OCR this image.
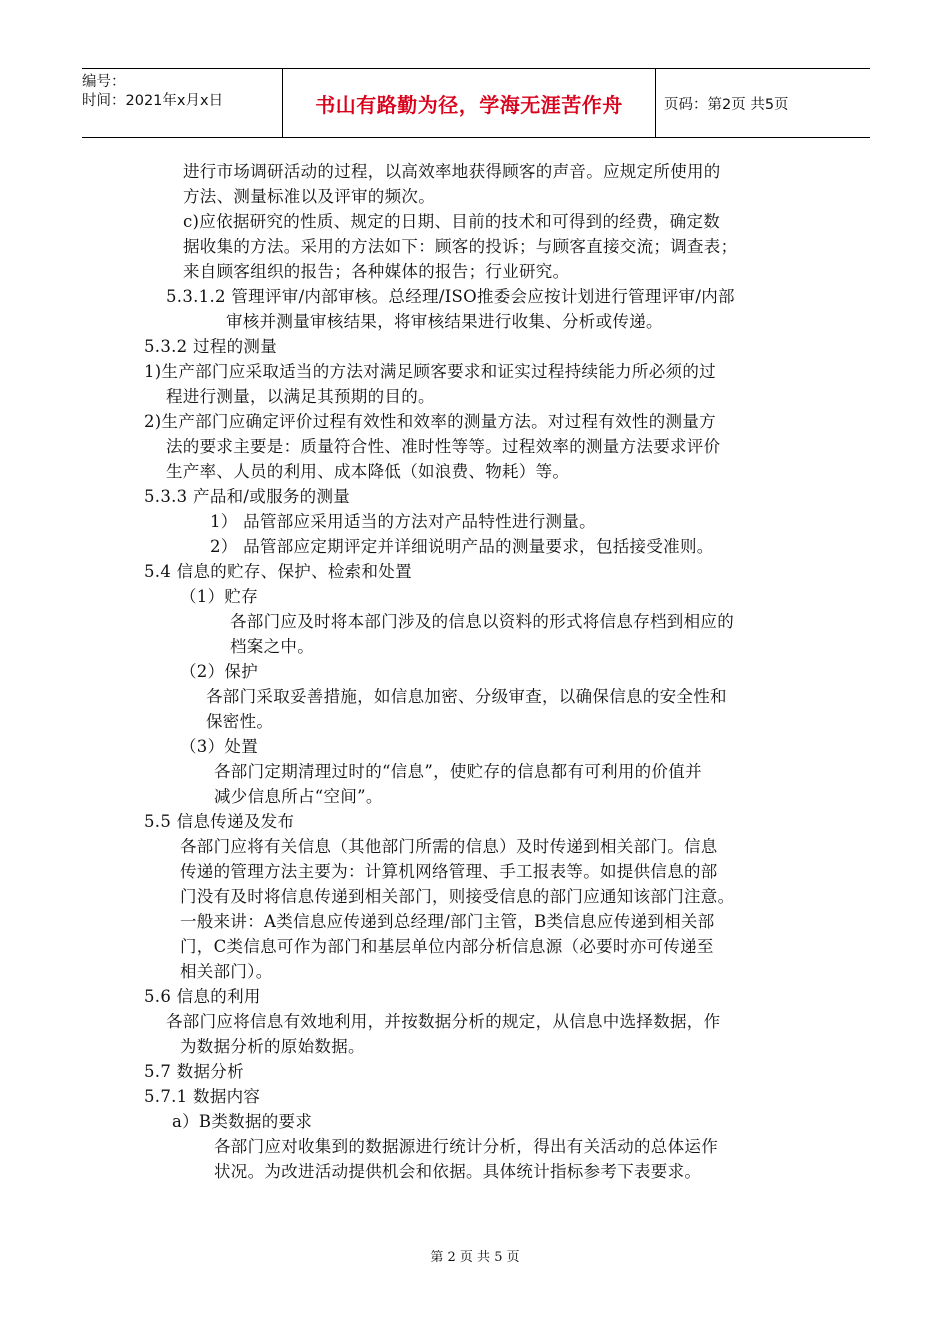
编号：
时间：2021年x月x日	书山有路勤为径，学海无涯苦作舟	页码：第2页 共5页
进行市场调研活动的过程，以高效率地获得顾客的声音。应规定所使用的
方法、测量标准以及评审的频次。
c)应依据研究的性质、规定的日期、目前的技术和可得到的经费，确定数
据收集的方法。采用的方法如下：顾客的投诉；与顾客直接交流；调查表；
来自顾客组织的报告；各种媒体的报告；行业研究。
5.3.1.2 管理评审/内部审核。总经理/ISO推委会应按计划进行管理评审/内部
审核并测量审核结果，将审核结果进行收集、分析或传递。
5.3.2 过程的测量
1)生产部门应采取适当的方法对满足顾客要求和证实过程持续能力所必须的过
程进行测量，以满足其预期的目的。
2)生产部门应确定评价过程有效性和效率的测量方法。对过程有效性的测量方
法的要求主要是：质量符合性、准时性等等。过程效率的测量方法要求评价
生产率、人员的利用、成本降低（如浪费、物耗）等。
5.3.3 产品和/或服务的测量
1） 品管部应采用适当的方法对产品特性进行测量。
2） 品管部应定期评定并详细说明产品的测量要求，包括接受准则。
5.4 信息的贮存、保护、检索和处置
（1）贮存
各部门应及时将本部门涉及的信息以资料的形式将信息存档到相应的
档案之中。
（2）保护
各部门采取妥善措施，如信息加密、分级审查，以确保信息的安全性和
保密性。
（3）处置
各部门定期清理过时的“信息”，使贮存的信息都有可利用的价值并
减少信息所占“空间”。
5.5 信息传递及发布
各部门应将有关信息（其他部门所需的信息）及时传递到相关部门。信息
传递的管理方法主要为：计算机网络管理、手工报表等。如提供信息的部
门没有及时将信息传递到相关部门，则接受信息的部门应通知该部门注意。
一般来讲：A类信息应传递到总经理/部门主管，B类信息应传递到相关部
门，C类信息可作为部门和基层单位内部分析信息源（必要时亦可传递至
相关部门）。
5.6 信息的利用
各部门应将信息有效地利用，并按数据分析的规定，从信息中选择数据，作
为数据分析的原始数据。
5.7 数据分析
5.7.1 数据内容
a）B类数据的要求
各部门应对收集到的数据源进行统计分析，得出有关活动的总体运作
状况。为改进活动提供机会和依据。具体统计指标参考下表要求。
第 2 页 共 5 页
